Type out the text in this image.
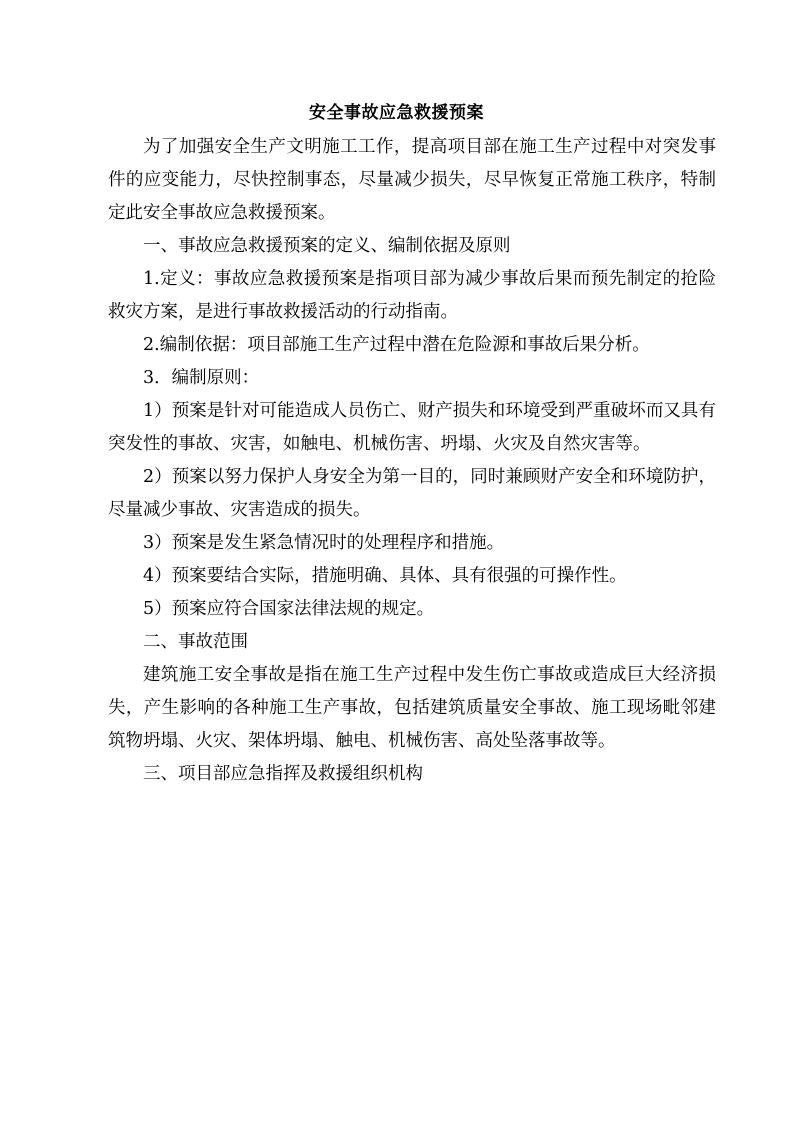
安全事故应急救援预案

为了加强安全生产文明施工工作，提高项目部在施工生产过程中对突发事件的应变能力，尽快控制事态，尽量减少损失，尽早恢复正常施工秩序，特制定此安全事故应急救援预案。

一、事故应急救援预案的定义、编制依据及原则

1.定义：事故应急救援预案是指项目部为减少事故后果而预先制定的抢险救灾方案，是进行事故救援活动的行动指南。

2.编制依据：项目部施工生产过程中潜在危险源和事故后果分析。

3．编制原则：

1）预案是针对可能造成人员伤亡、财产损失和环境受到严重破坏而又具有突发性的事故、灾害，如触电、机械伤害、坍塌、火灾及自然灾害等。

2）预案以努力保护人身安全为第一目的，同时兼顾财产安全和环境防护，尽量减少事故、灾害造成的损失。

3）预案是发生紧急情况时的处理程序和措施。

4）预案要结合实际，措施明确、具体、具有很强的可操作性。

5）预案应符合国家法律法规的规定。

二、事故范围

建筑施工安全事故是指在施工生产过程中发生伤亡事故或造成巨大经济损失，产生影响的各种施工生产事故，包括建筑质量安全事故、施工现场毗邻建筑物坍塌、火灾、架体坍塌、触电、机械伤害、高处坠落事故等。

三、项目部应急指挥及救援组织机构
